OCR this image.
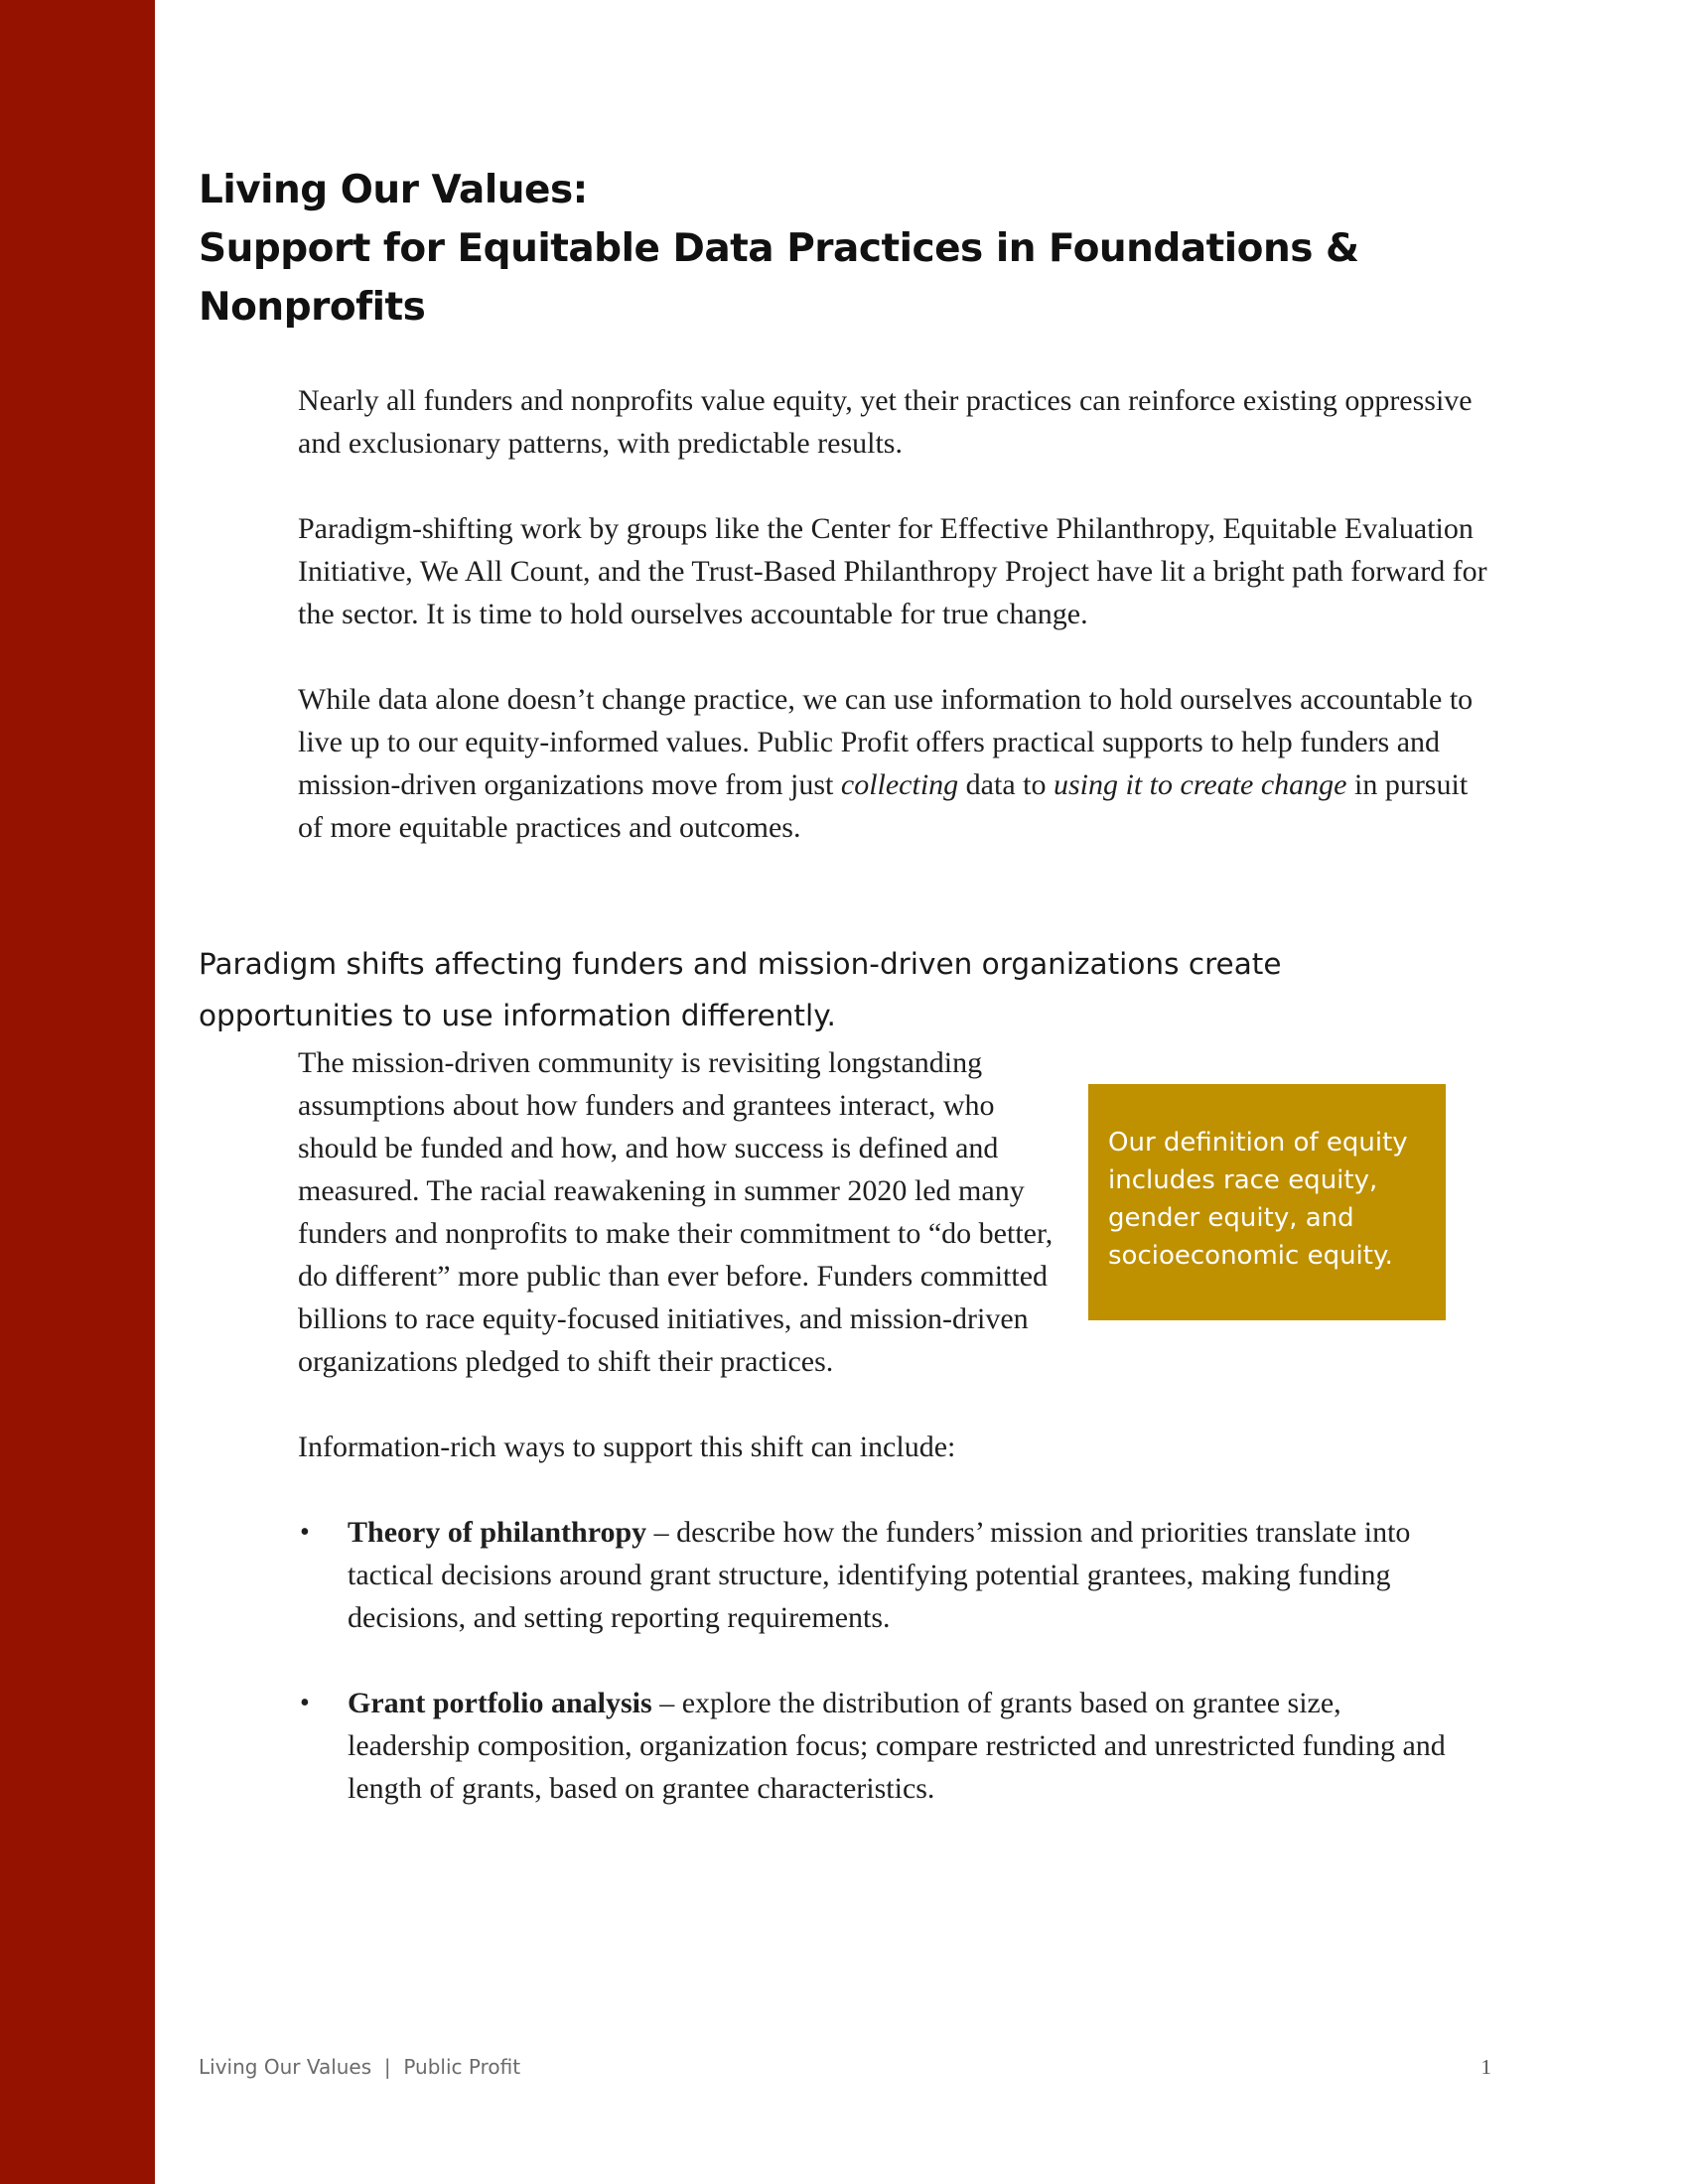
Living Our Values:
Support for Equitable Data Practices in Foundations &
Nonprofits

Nearly all funders and nonprofits value equity, yet their practices can reinforce existing oppressive and exclusionary patterns, with predictable results.

Paradigm-shifting work by groups like the Center for Effective Philanthropy, Equitable Evaluation Initiative, We All Count, and the Trust-Based Philanthropy Project have lit a bright path forward for the sector. It is time to hold ourselves accountable for true change.

While data alone doesn’t change practice, we can use information to hold ourselves accountable to live up to our equity-informed values. Public Profit offers practical supports to help funders and mission-driven organizations move from just collecting data to using it to create change in pursuit of more equitable practices and outcomes.

Paradigm shifts affecting funders and mission-driven organizations create
opportunities to use information differently.
Our definition of equity includes race equity, gender equity, and socioeconomic equity.

The mission-driven community is revisiting longstanding assumptions about how funders and grantees interact, who should be funded and how, and how success is defined and measured. The racial reawakening in summer 2020 led many funders and nonprofits to make their commitment to “do better, do different” more public than ever before. Funders committed billions to race equity-focused initiatives, and mission-driven organizations pledged to shift their practices.

Information-rich ways to support this shift can include:

• Theory of philanthropy – describe how the funders’ mission and priorities translate into tactical decisions around grant structure, identifying potential grantees, making funding decisions, and setting reporting requirements.
• Grant portfolio analysis – explore the distribution of grants based on grantee size, leadership composition, organization focus; compare restricted and unrestricted funding and length of grants, based on grantee characteristics.
Living Our Values  |  Public Profit	1
